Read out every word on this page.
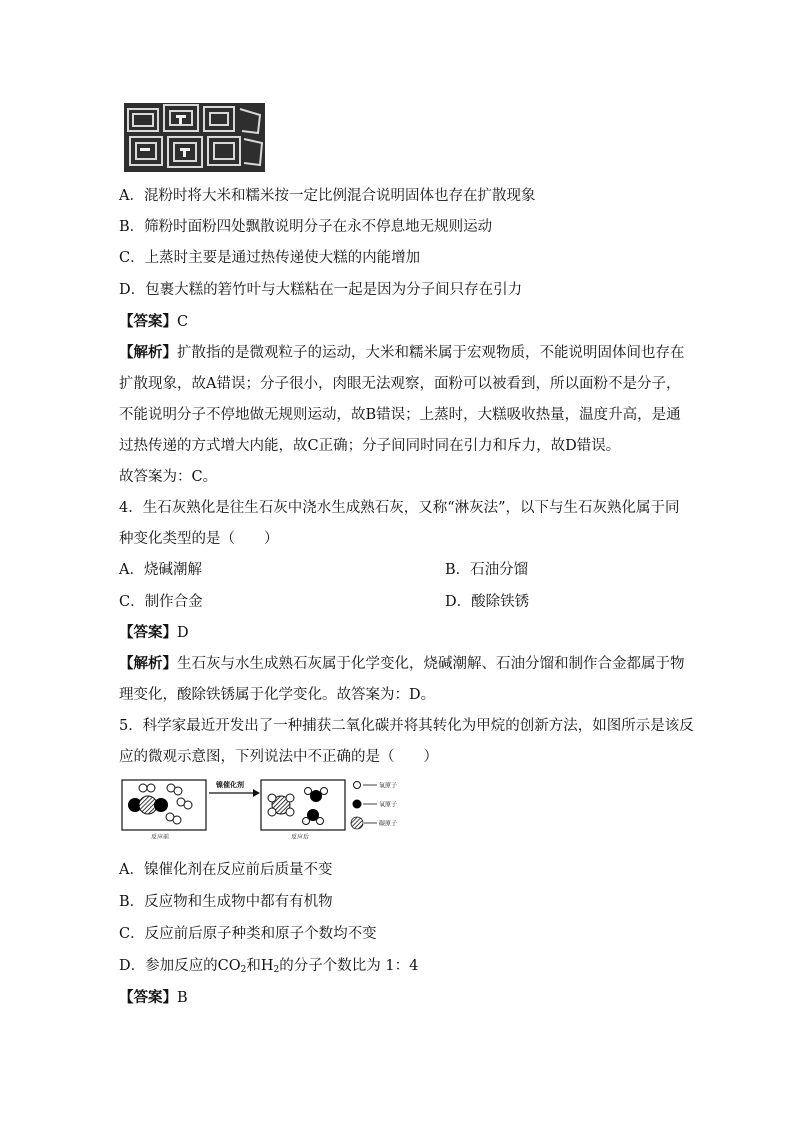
A．混粉时将大米和糯米按一定比例混合说明固体也存在扩散现象
B．筛粉时面粉四处飘散说明分子在永不停息地无规则运动
C．上蒸时主要是通过热传递使大糕的内能增加
D．包裹大糕的箬竹叶与大糕粘在一起是因为分子间只存在引力
【答案】C
【解析】扩散指的是微观粒子的运动，大米和糯米属于宏观物质，不能说明固体间也存在
扩散现象，故A错误；分子很小，肉眼无法观察，面粉可以被看到，所以面粉不是分子，
不能说明分子不停地做无规则运动，故B错误；上蒸时，大糕吸收热量，温度升高，是通
过热传递的方式增大内能，故C正确；分子间同时同在引力和斥力，故D错误。
故答案为：C。
4．生石灰熟化是往生石灰中浇水生成熟石灰，又称“淋灰法”，以下与生石灰熟化属于同
种变化类型的是（　　）
A．烧碱潮解	B．石油分馏
C．制作合金	D．酸除铁锈
【答案】D
【解析】生石灰与水生成熟石灰属于化学变化，烧碱潮解、石油分馏和制作合金都属于物
理变化，酸除铁锈属于化学变化。故答案为：D。
5．科学家最近开发出了一种捕获二氧化碳并将其转化为甲烷的创新方法，如图所示是该反
应的微观示意图，下列说法中不正确的是（　　）
反应前
镍催化剂
反应后
氢原子
氧原子
碳原子
A．镍催化剂在反应前后质量不变
B．反应物和生成物中都有有机物
C．反应前后原子种类和原子个数均不变
D．参加反应的$CO_2$和$H_2$的分子个数比为 1：4
【答案】B
